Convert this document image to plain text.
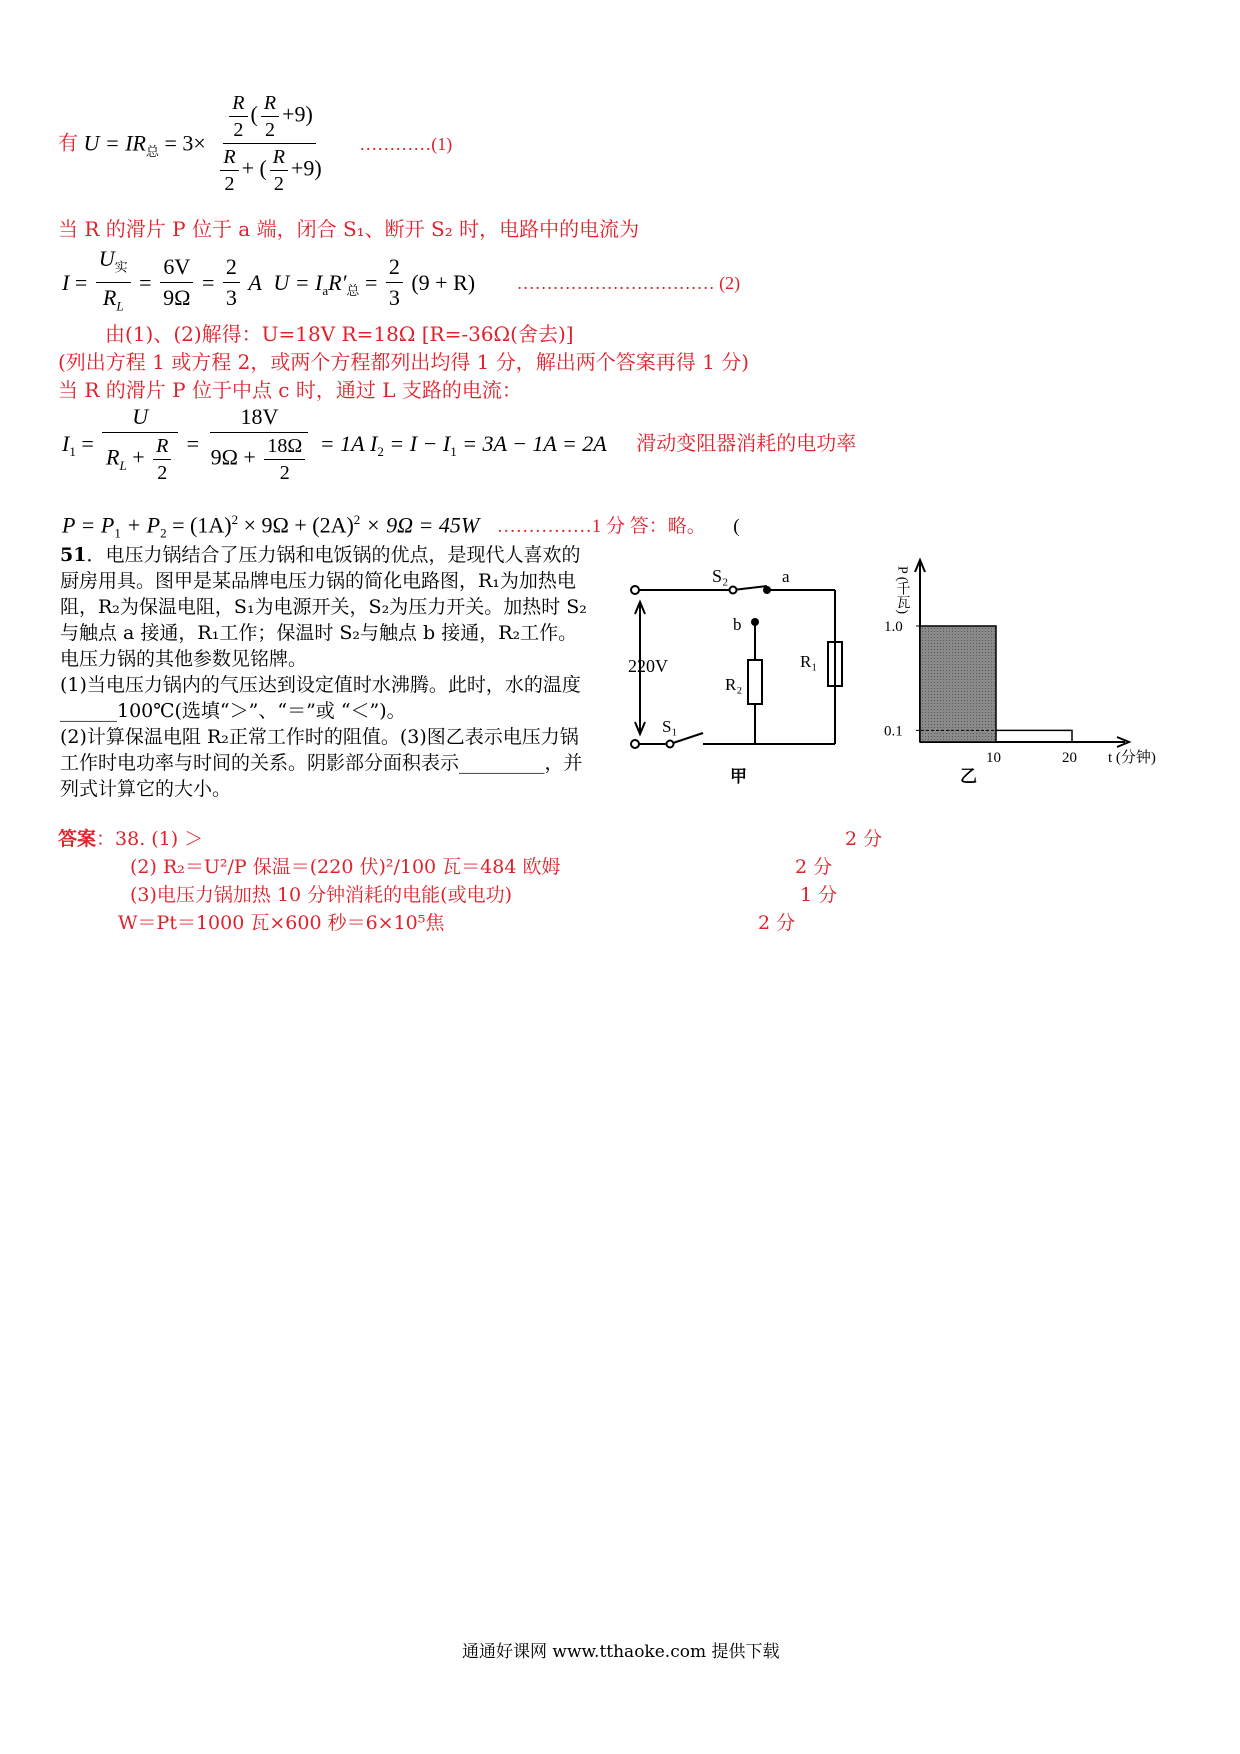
有 $U = IR_总 = 3\times \frac{\frac{R}{2} ( \frac{R}{2} +9)}{\frac{R}{2} + ( \frac{R}{2} +9)}$ …………(1)
当 R 的滑片 P 位于 a 端，闭合 S₁、断开 S₂ 时，电路中的电流为
$I = \frac{U_实}{R_L} = \frac{6V}{9\Omega} = \frac{2}{3}$ A $U = I_aR'_总 = \frac{2}{3} (9 + R)$ …………………………… (2)
由(1)、(2)解得：U=18V R=18Ω [R=-36Ω(舍去)]
(列出方程 1 或方程 2，或两个方程都列出均得 1 分，解出两个答案再得 1 分)
当 R 的滑片 P 位于中点 c 时，通过 L 支路的电流：
$I_1 = \frac{U}{R_L + \frac{R}{2}} = \frac{18V}{9\Omega + \frac{18\Omega}{2}} = 1A$ $I_2 = I - I_1 = 3A - 1A = 2A$ 滑动变阻器消耗的电功率
$P = P_1 + P_2 = (1A)^2 \times 9\Omega + (2A)^2 \times 9\Omega = 45W$ ……………1 分 答：略。 (
51．电压力锅结合了压力锅和电饭锅的优点，是现代人喜欢的厨房用具。图甲是某品牌电压力锅的简化电路图，R₁为加热电阻，R₂为保温电阻，S₁为电源开关，S₂为压力开关。加热时 S₂与触点 a 接通，R₁工作；保温时 S₂与触点 b 接通，R₂工作。电压力锅的其他参数见铭牌。
(1)当电压力锅内的气压达到设定值时水沸腾。此时，水的温度______100℃(选填“＞”、“＝”或 “＜”)。
(2)计算保温电阻 R₂正常工作时的阻值。(3)图乙表示电压力锅工作时电功率与时间的关系。阴影部分面积表示_________，并列式计算它的大小。
S₂	a
b
R₂
R₁
220V
S₁
甲
1.0
0.1
10	20
P (千瓦)
t (分钟)
乙
答案：38. (1) ＞	2 分
(2) R₂＝U²/P 保温＝(220 伏)²/100 瓦＝484 欧姆	2 分
(3)电压力锅加热 10 分钟消耗的电能(或电功)	1 分
W＝Pt＝1000 瓦×600 秒＝6×10⁵焦	2 分
通通好课网 www.tthaoke.com 提供下载
